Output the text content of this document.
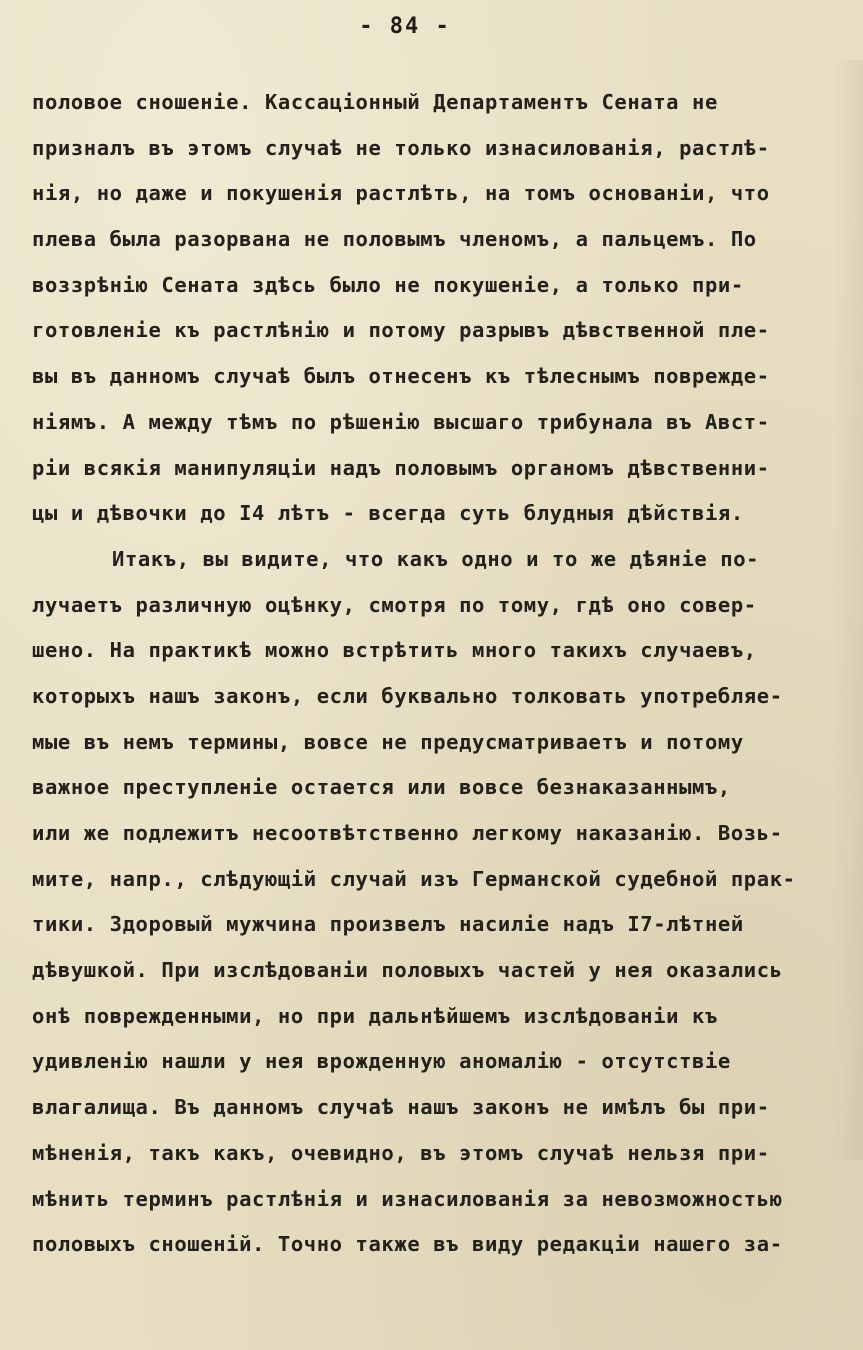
- 84 -
половое сношеніе. Кассаціонный Департаментъ Сената не
призналъ въ этомъ случаѣ не только изнасилованія, растлѣ-
нія, но даже и покушенія растлѣть, на томъ основаніи, что
плева была разорвана не половымъ членомъ, а пальцемъ. По
воззрѣнію Сената здѣсь было не покушеніе, а только при-
готовленіе къ растлѣнію и потому разрывъ дѣвственной пле-
вы въ данномъ случаѣ былъ отнесенъ къ тѣлеснымъ поврежде-
ніямъ. А между тѣмъ по рѣшенію высшаго трибунала въ Авст-
ріи всякія манипуляціи надъ половымъ органомъ дѣвственни-
цы и дѣвочки до I4 лѣтъ - всегда суть блудныя дѣйствія.
Итакъ, вы видите, что какъ одно и то же дѣяніе по-
лучаетъ различную оцѣнку, смотря по тому, гдѣ оно совер-
шено. На практикѣ можно встрѣтить много такихъ случаевъ,
которыхъ нашъ законъ, если буквально толковать употребляе-
мые въ немъ термины, вовсе не предусматриваетъ и потому
важное преступленіе остается или вовсе безнаказаннымъ,
или же подлежитъ несоотвѣтственно легкому наказанію. Возь-
мите, напр., слѣдующій случай изъ Германской судебной прак-
тики. Здоровый мужчина произвелъ насиліе надъ I7-лѣтней
дѣвушкой. При изслѣдованіи половыхъ частей у нея оказались
онѣ поврежденными, но при дальнѣйшемъ изслѣдованіи къ
удивленію нашли у нея врожденную аномалію - отсутствіе
влагалища. Въ данномъ случаѣ нашъ законъ не имѣлъ бы при-
мѣненія, такъ какъ, очевидно, въ этомъ случаѣ нельзя при-
мѣнить терминъ растлѣнія и изнасилованія за невозможностью
половыхъ сношеній. Точно также въ виду редакціи нашего за-
